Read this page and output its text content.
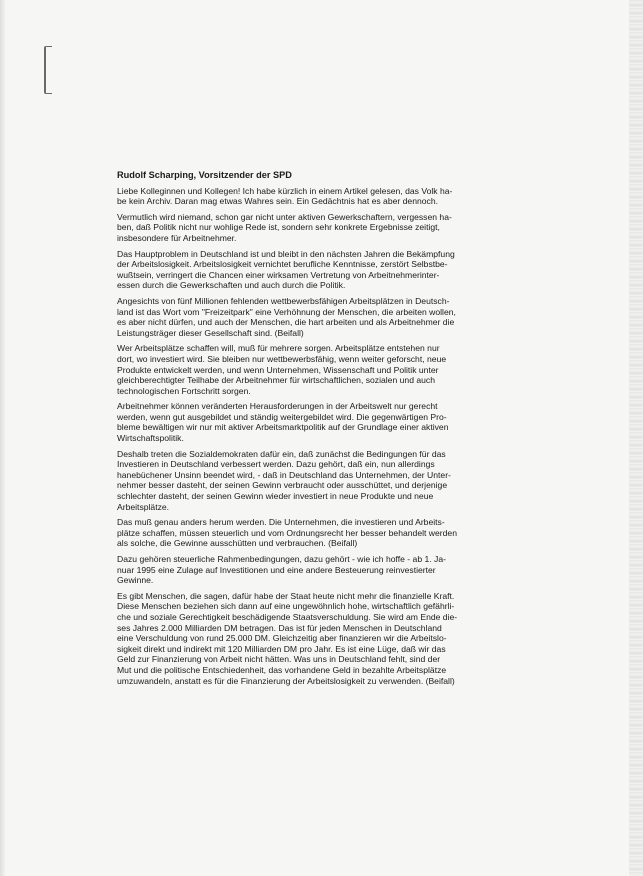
Rudolf Scharping, Vorsitzender der SPD

Liebe Kolleginnen und Kollegen! Ich habe kürzlich in einem Artikel gelesen, das Volk ha-
be kein Archiv. Daran mag etwas Wahres sein. Ein Gedächtnis hat es aber dennoch.

Vermutlich wird niemand, schon gar nicht unter aktiven Gewerkschaftern, vergessen ha-
ben, daß Politik nicht nur wohlige Rede ist, sondern sehr konkrete Ergebnisse zeitigt,
insbesondere für Arbeitnehmer.

Das Hauptproblem in Deutschland ist und bleibt in den nächsten Jahren die Bekämpfung
der Arbeitslosigkeit. Arbeitslosigkeit vernichtet berufliche Kenntnisse, zerstört Selbstbe-
wußtsein, verringert die Chancen einer wirksamen Vertretung von Arbeitnehmerinter-
essen durch die Gewerkschaften und auch durch die Politik.

Angesichts von fünf Millionen fehlenden wettbewerbsfähigen Arbeitsplätzen in Deutsch-
land ist das Wort vom "Freizeitpark" eine Verhöhnung der Menschen, die arbeiten wollen,
es aber nicht dürfen, und auch der Menschen, die hart arbeiten und als Arbeitnehmer die
Leistungsträger dieser Gesellschaft sind. (Beifall)

Wer Arbeitsplätze schaffen will, muß für mehrere sorgen. Arbeitsplätze entstehen nur
dort, wo investiert wird. Sie bleiben nur wettbewerbsfähig, wenn weiter geforscht, neue
Produkte entwickelt werden, und wenn Unternehmen, Wissenschaft und Politik unter
gleichberechtigter Teilhabe der Arbeitnehmer für wirtschaftlichen, sozialen und auch
technologischen Fortschritt sorgen.

Arbeitnehmer können veränderten Herausforderungen in der Arbeitswelt nur gerecht
werden, wenn gut ausgebildet und ständig weitergebildet wird. Die gegenwärtigen Pro-
bleme bewältigen wir nur mit aktiver Arbeitsmarktpolitik auf der Grundlage einer aktiven
Wirtschaftspolitik.

Deshalb treten die Sozialdemokraten dafür ein, daß zunächst die Bedingungen für das
Investieren in Deutschland verbessert werden. Dazu gehört, daß ein, nun allerdings
hanebüchener Unsinn beendet wird, - daß in Deutschland das Unternehmen, der Unter-
nehmer besser dasteht, der seinen Gewinn verbraucht oder ausschüttet, und derjenige
schlechter dasteht, der seinen Gewinn wieder investiert in neue Produkte und neue
Arbeitsplätze.

Das muß genau anders herum werden. Die Unternehmen, die investieren und Arbeits-
plätze schaffen, müssen steuerlich und vom Ordnungsrecht her besser behandelt werden
als solche, die Gewinne ausschütten und verbrauchen. (Beifall)

Dazu gehören steuerliche Rahmenbedingungen, dazu gehört - wie ich hoffe - ab 1. Ja-
nuar 1995 eine Zulage auf Investitionen und eine andere Besteuerung reinvestierter
Gewinne.

Es gibt Menschen, die sagen, dafür habe der Staat heute nicht mehr die finanzielle Kraft.
Diese Menschen beziehen sich dann auf eine ungewöhnlich hohe, wirtschaftlich gefährli-
che und soziale Gerechtigkeit beschädigende Staatsverschuldung. Sie wird am Ende die-
ses Jahres 2.000 Milliarden DM betragen. Das ist für jeden Menschen in Deutschland
eine Verschuldung von rund 25.000 DM. Gleichzeitig aber finanzieren wir die Arbeitslo-
sigkeit direkt und indirekt mit 120 Milliarden DM pro Jahr. Es ist eine Lüge, daß wir das
Geld zur Finanzierung von Arbeit nicht hätten. Was uns in Deutschland fehlt, sind der
Mut und die politische Entschiedenheit, das vorhandene Geld in bezahlte Arbeitsplätze
umzuwandeln, anstatt es für die Finanzierung der Arbeitslosigkeit zu verwenden. (Beifall)
